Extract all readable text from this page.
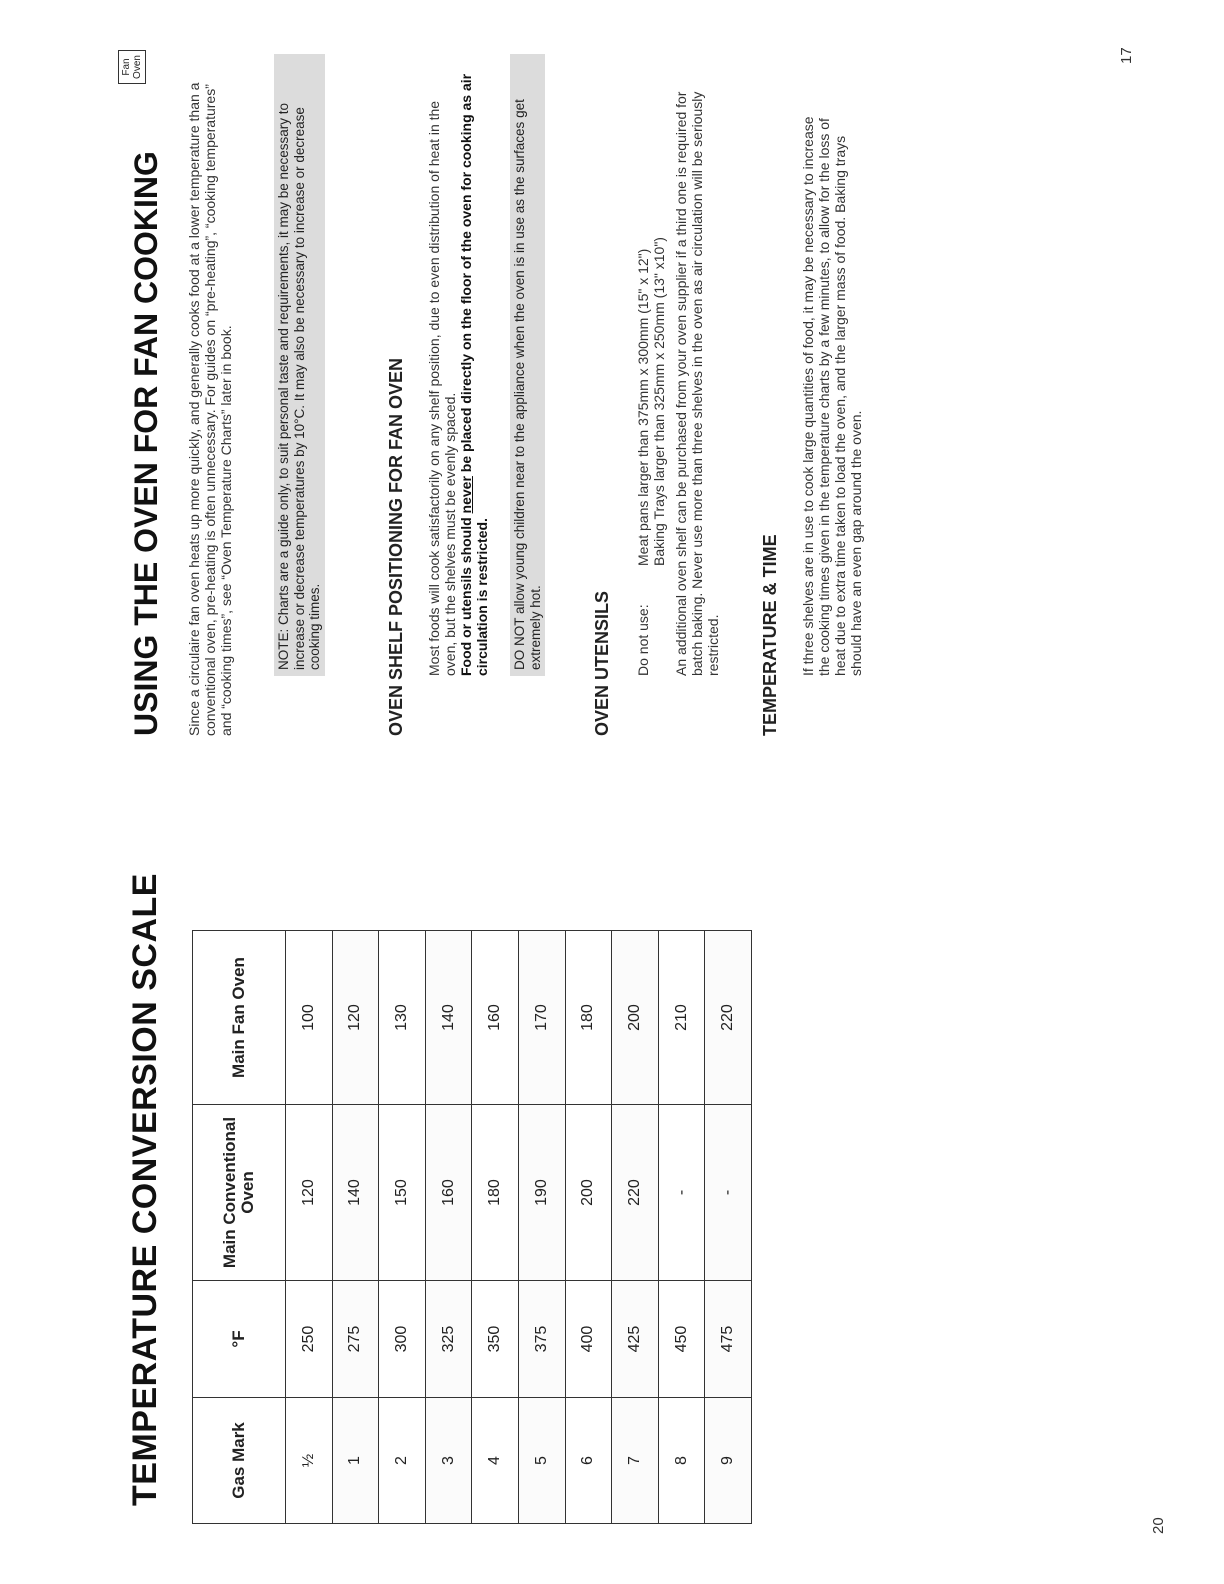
TEMPERATURE CONVERSION SCALE	Gas Mark	°F	Main Conventional Oven	Main Fan Oven
½	250	120	100
1	275	140	120
2	300	150	130
3	325	160	140
4	350	180	160
5	375	190	170
6	400	200	180
7	425	220	200
8	450	-	210
9	475	-	220
20
USING THE OVEN FOR FAN COOKING
Fan Oven
Since a circulaire fan oven heats up more quickly, and generally cooks food at a lower temperature than a conventional oven, pre-heating is often unnecessary. For guides on “pre-heating”, “cooking temperatures” and “cooking times”, see “Oven Temperature Charts” later in book.	NOTE: Charts are a guide only, to suit personal taste and requirements, it may be necessary to increase or decrease temperatures by 10°C. It may also be necessary to increase or decrease cooking times.	OVEN SHELF POSITIONING FOR FAN OVEN Most foods will cook satisfactorily on any shelf position, due to even distribution of heat in the oven, but the shelves must be evenly spaced. Food or utensils should never be placed directly on the floor of the oven for cooking as air circulation is restricted. DO NOT allow young children near to the appliance when the oven is in use as the surfaces get extremely hot.	OVEN UTENSILS Do not use:
Meat pans larger than 375mm x 300mm (15" x 12") Baking Trays larger than 325mm x 250mm (13" x10") An additional oven shelf can be purchased from your oven supplier if a third one is required for batch baking. Never use more than three shelves in the oven as air circulation will be seriously restricted. TEMPERATURE & TIME If three shelves are in use to cook large quantities of food, it may be necessary to increase the cooking times given in the temperature charts by a few minutes, to allow for the loss of heat due to extra time taken to load the oven, and the larger mass of food. Baking trays should have an even gap around the oven.
17
